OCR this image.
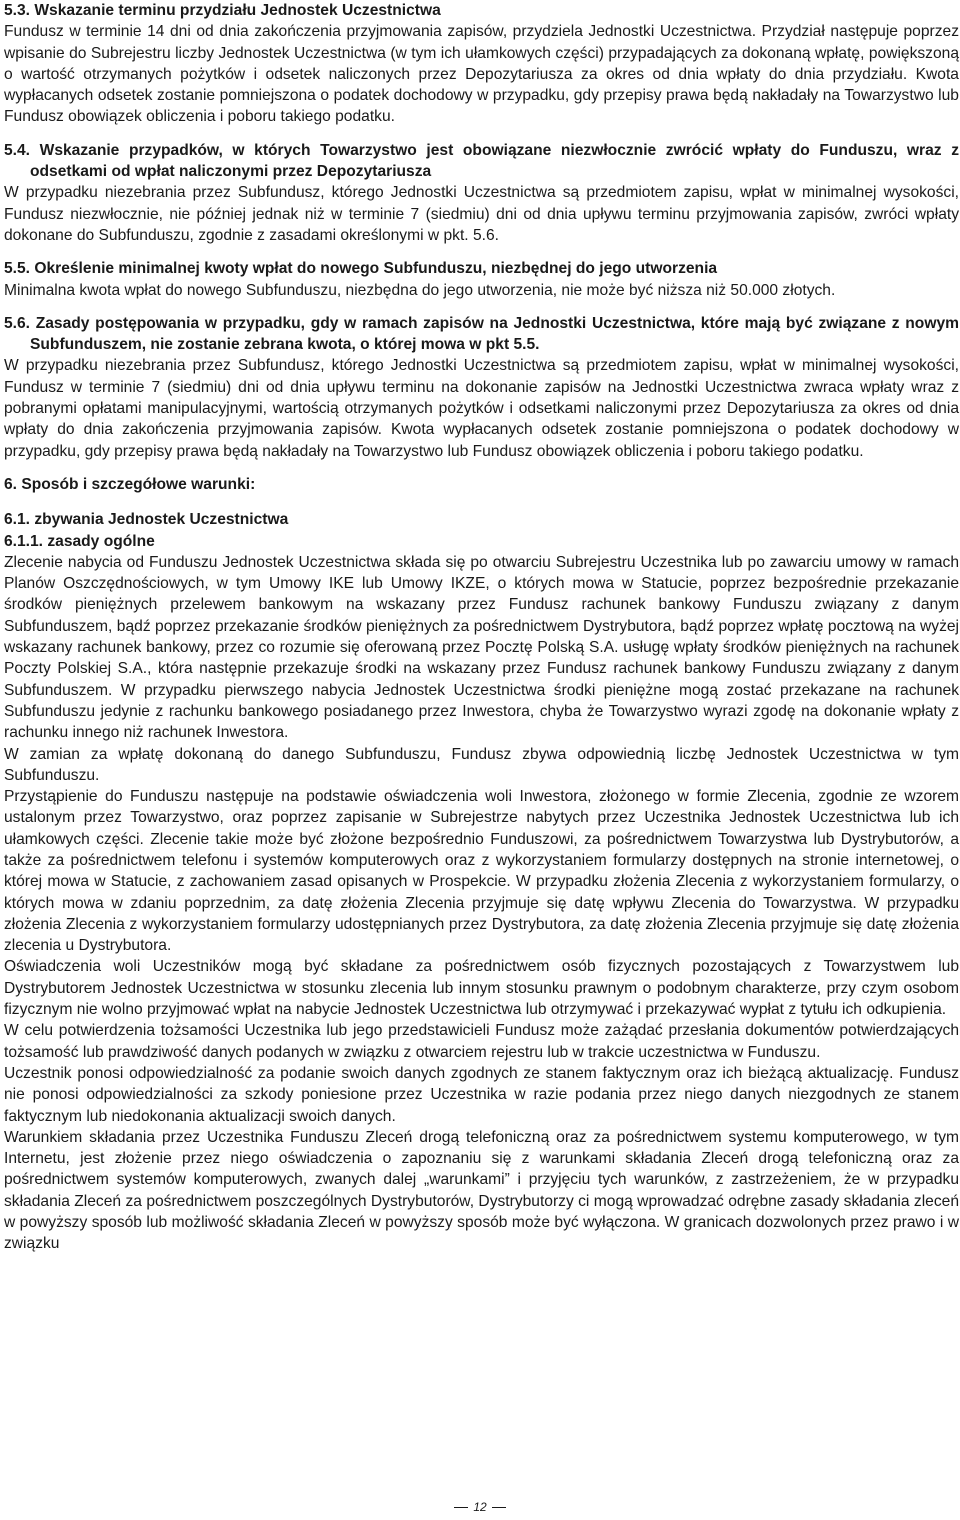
5.3. Wskazanie terminu przydziału Jednostek Uczestnictwa

Fundusz w terminie 14 dni od dnia zakończenia przyjmowania zapisów, przydziela Jednostki Uczestnictwa. Przydział następuje poprzez wpisanie do Subrejestru liczby Jednostek Uczestnictwa (w tym ich ułamkowych części) przypadających za dokonaną wpłatę, powiększoną o wartość otrzymanych pożytków i odsetek naliczonych przez Depozytariusza za okres od dnia wpłaty do dnia przydziału. Kwota wypłacanych odsetek zostanie pomniejszona o podatek dochodowy w przypadku, gdy przepisy prawa będą nakładały na Towarzystwo lub Fundusz obowiązek obliczenia i poboru takiego podatku.

5.4. Wskazanie przypadków, w których Towarzystwo jest obowiązane niezwłocznie zwrócić wpłaty do Funduszu, wraz z odsetkami od wpłat naliczonymi przez Depozytariusza

W przypadku niezebrania przez Subfundusz, którego Jednostki Uczestnictwa są przedmiotem zapisu, wpłat w minimalnej wysokości, Fundusz niezwłocznie, nie później jednak niż w terminie 7 (siedmiu) dni od dnia upływu terminu przyjmowania zapisów, zwróci wpłaty dokonane do Subfunduszu, zgodnie z zasadami określonymi w pkt. 5.6.

5.5. Określenie minimalnej kwoty wpłat do nowego Subfunduszu, niezbędnej do jego utworzenia

Minimalna kwota wpłat do nowego Subfunduszu, niezbędna do jego utworzenia, nie może być niższa niż 50.000 złotych.

5.6. Zasady postępowania w przypadku, gdy w ramach zapisów na Jednostki Uczestnictwa, które mają być związane z nowym Subfunduszem, nie zostanie zebrana kwota, o której mowa w pkt 5.5.

W przypadku niezebrania przez Subfundusz, którego Jednostki Uczestnictwa są przedmiotem zapisu, wpłat w minimalnej wysokości, Fundusz w terminie 7 (siedmiu) dni od dnia upływu terminu na dokonanie zapisów na Jednostki Uczestnictwa zwraca wpłaty wraz z pobranymi opłatami manipulacyjnymi, wartością otrzymanych pożytków i odsetkami naliczonymi przez Depozytariusza za okres od dnia wpłaty do dnia zakończenia przyjmowania zapisów. Kwota wypłacanych odsetek zostanie pomniejszona o podatek dochodowy w przypadku, gdy przepisy prawa będą nakładały na Towarzystwo lub Fundusz obowiązek obliczenia i poboru takiego podatku.

6. Sposób i szczegółowe warunki:

6.1. zbywania Jednostek Uczestnictwa

6.1.1. zasady ogólne

Zlecenie nabycia od Funduszu Jednostek Uczestnictwa składa się po otwarciu Subrejestru Uczestnika lub po zawarciu umowy w ramach Planów Oszczędnościowych, w tym Umowy IKE lub Umowy IKZE, o których mowa w Statucie, poprzez bezpośrednie przekazanie środków pieniężnych przelewem bankowym na wskazany przez Fundusz rachunek bankowy Funduszu związany z danym Subfunduszem, bądź poprzez przekazanie środków pieniężnych za pośrednictwem Dystrybutora, bądź poprzez wpłatę pocztową na wyżej wskazany rachunek bankowy, przez co rozumie się oferowaną przez Pocztę Polską S.A. usługę wpłaty środków pieniężnych na rachunek Poczty Polskiej S.A., która następnie przekazuje środki na wskazany przez Fundusz rachunek bankowy Funduszu związany z danym Subfunduszem. W przypadku pierwszego nabycia Jednostek Uczestnictwa środki pieniężne mogą zostać przekazane na rachunek Subfunduszu jedynie z rachunku bankowego posiadanego przez Inwestora, chyba że Towarzystwo wyrazi zgodę na dokonanie wpłaty z rachunku innego niż rachunek Inwestora.

W zamian za wpłatę dokonaną do danego Subfunduszu, Fundusz zbywa odpowiednią liczbę Jednostek Uczestnictwa w tym Subfunduszu.

Przystąpienie do Funduszu następuje na podstawie oświadczenia woli Inwestora, złożonego w formie Zlecenia, zgodnie ze wzorem ustalonym przez Towarzystwo, oraz poprzez zapisanie w Subrejestrze nabytych przez Uczestnika Jednostek Uczestnictwa lub ich ułamkowych części. Zlecenie takie może być złożone bezpośrednio Funduszowi, za pośrednictwem Towarzystwa lub Dystrybutorów, a także za pośrednictwem telefonu i systemów komputerowych oraz z wykorzystaniem formularzy dostępnych na stronie internetowej, o której mowa w Statucie, z zachowaniem zasad opisanych w Prospekcie. W przypadku złożenia Zlecenia z wykorzystaniem formularzy, o których mowa w zdaniu poprzednim, za datę złożenia Zlecenia przyjmuje się datę wpływu Zlecenia do Towarzystwa. W przypadku złożenia Zlecenia z wykorzystaniem formularzy udostępnianych przez Dystrybutora, za datę złożenia Zlecenia przyjmuje się datę złożenia zlecenia u Dystrybutora.

Oświadczenia woli Uczestników mogą być składane za pośrednictwem osób fizycznych pozostających z Towarzystwem lub Dystrybutorem Jednostek Uczestnictwa w stosunku zlecenia lub innym stosunku prawnym o podobnym charakterze, przy czym osobom fizycznym nie wolno przyjmować wpłat na nabycie Jednostek Uczestnictwa lub otrzymywać i przekazywać wypłat z tytułu ich odkupienia.

W celu potwierdzenia tożsamości Uczestnika lub jego przedstawicieli Fundusz może zażądać przesłania dokumentów potwierdzających tożsamość lub prawdziwość danych podanych w związku z otwarciem rejestru lub w trakcie uczestnictwa w Funduszu.

Uczestnik ponosi odpowiedzialność za podanie swoich danych zgodnych ze stanem faktycznym oraz ich bieżącą aktualizację. Fundusz nie ponosi odpowiedzialności za szkody poniesione przez Uczestnika w razie podania przez niego danych niezgodnych ze stanem faktycznym lub niedokonania aktualizacji swoich danych.

Warunkiem składania przez Uczestnika Funduszu Zleceń drogą telefoniczną oraz za pośrednictwem systemu komputerowego, w tym Internetu, jest złożenie przez niego oświadczenia o zapoznaniu się z warunkami składania Zleceń drogą telefoniczną oraz za pośrednictwem systemów komputerowych, zwanych dalej „warunkami” i przyjęciu tych warunków, z zastrzeżeniem, że w przypadku składania Zleceń za pośrednictwem poszczególnych Dystrybutorów, Dystrybutorzy ci mogą wprowadzać odrębne zasady składania zleceń w powyższy sposób lub możliwość składania Zleceń w powyższy sposób może być wyłączona. W granicach dozwolonych przez prawo i w związku

12
